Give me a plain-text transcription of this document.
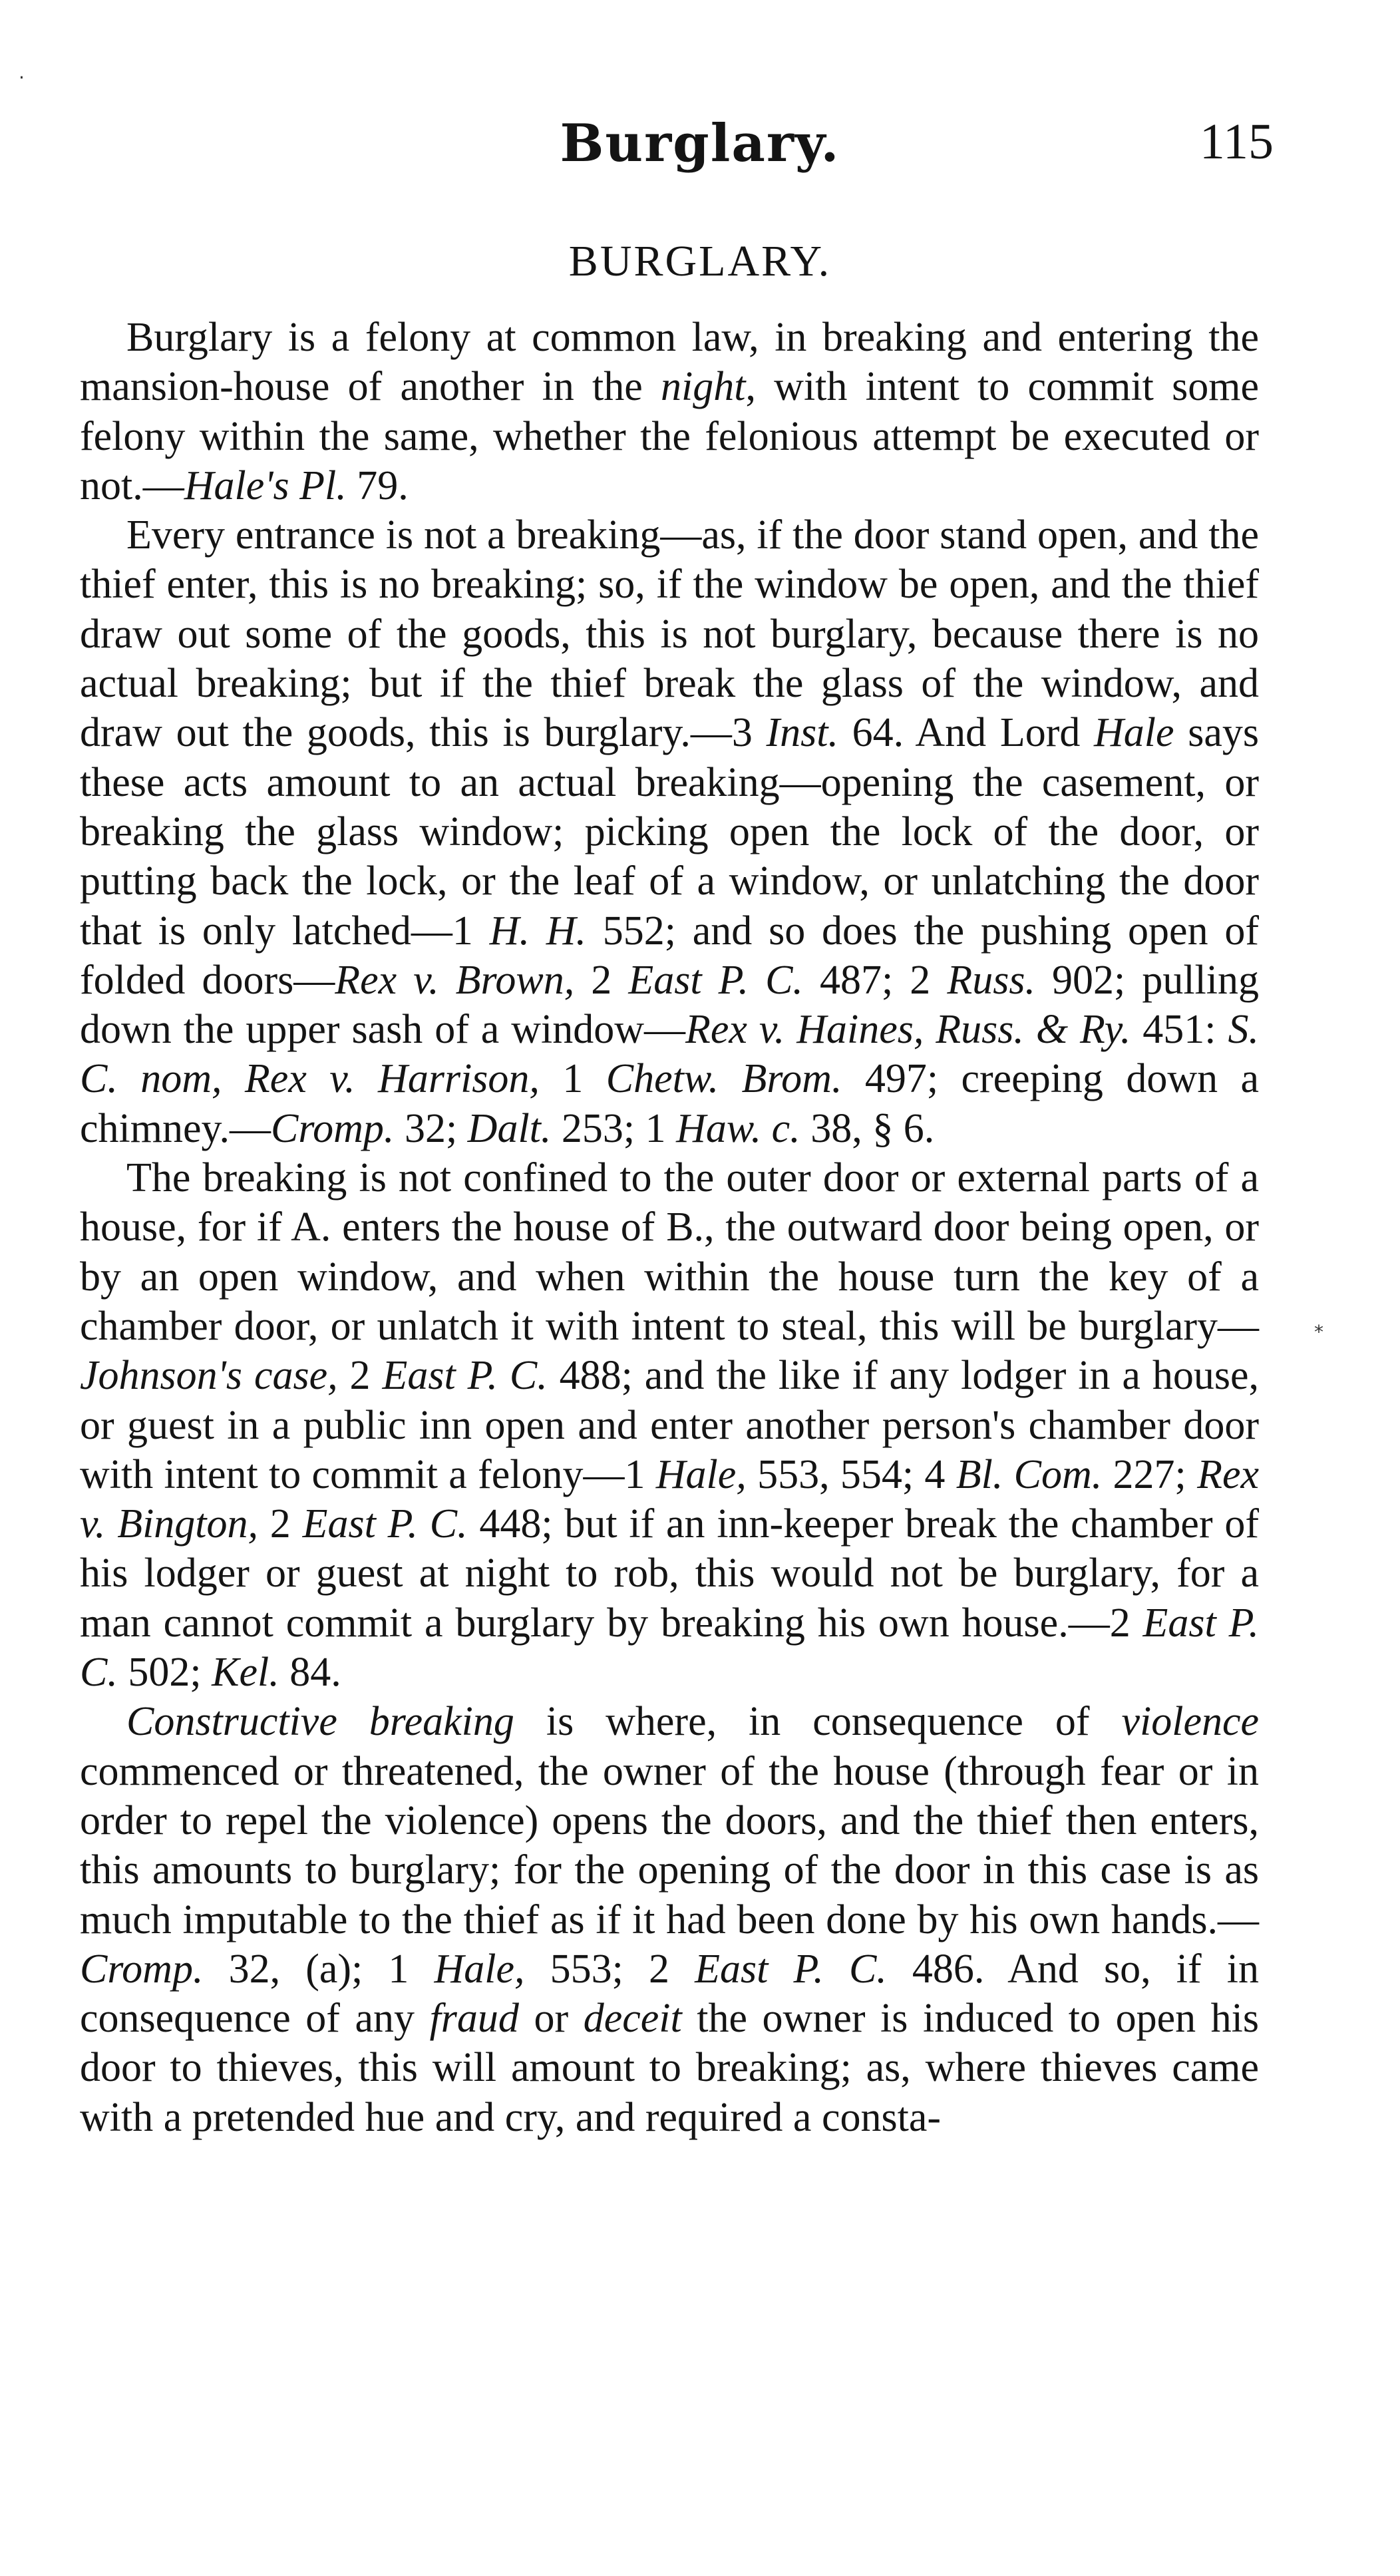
Burglary.	115
BURGLARY.

Burglary is a felony at common law, in breaking and entering the mansion-house of another in the night, with intent to commit some felony within the same, whether the felonious attempt be executed or not.—Hale's Pl. 79.

Every entrance is not a breaking—as, if the door stand open, and the thief enter, this is no breaking; so, if the window be open, and the thief draw out some of the goods, this is not burglary, because there is no actual breaking; but if the thief break the glass of the window, and draw out the goods, this is burglary.—3 Inst. 64. And Lord Hale says these acts amount to an actual breaking—opening the casement, or breaking the glass window; picking open the lock of the door, or putting back the lock, or the leaf of a window, or unlatching the door that is only latched—1 H. H. 552; and so does the pushing open of folded doors—Rex v. Brown, 2 East P. C. 487; 2 Russ. 902; pulling down the upper sash of a window—Rex v. Haines, Russ. & Ry. 451: S. C. nom, Rex v. Harrison, 1 Chetw. Brom. 497; creeping down a chimney.—Cromp. 32; Dalt. 253; 1 Haw. c. 38, § 6.

The breaking is not confined to the outer door or external parts of a house, for if A. enters the house of B., the outward door being open, or by an open window, and when within the house turn the key of a chamber door, or unlatch it with intent to steal, this will be burglary—Johnson's case, 2 East P. C. 488; and the like if any lodger in a house, or guest in a public inn open and enter another person's chamber door with intent to commit a felony—1 Hale, 553, 554; 4 Bl. Com. 227; Rex v. Bington, 2 East P. C. 448; but if an inn-keeper break the chamber of his lodger or guest at night to rob, this would not be burglary, for a man cannot commit a burglary by breaking his own house.—2 East P. C. 502; Kel. 84.

Constructive breaking is where, in consequence of violence commenced or threatened, the owner of the house (through fear or in order to repel the violence) opens the doors, and the thief then enters, this amounts to burglary; for the opening of the door in this case is as much imputable to the thief as if it had been done by his own hands.—Cromp. 32, (a); 1 Hale, 553; 2 East P. C. 486. And so, if in consequence of any fraud or deceit the owner is induced to open his door to thieves, this will amount to breaking; as, where thieves came with a pretended hue and cry, and required a consta-

·
*
